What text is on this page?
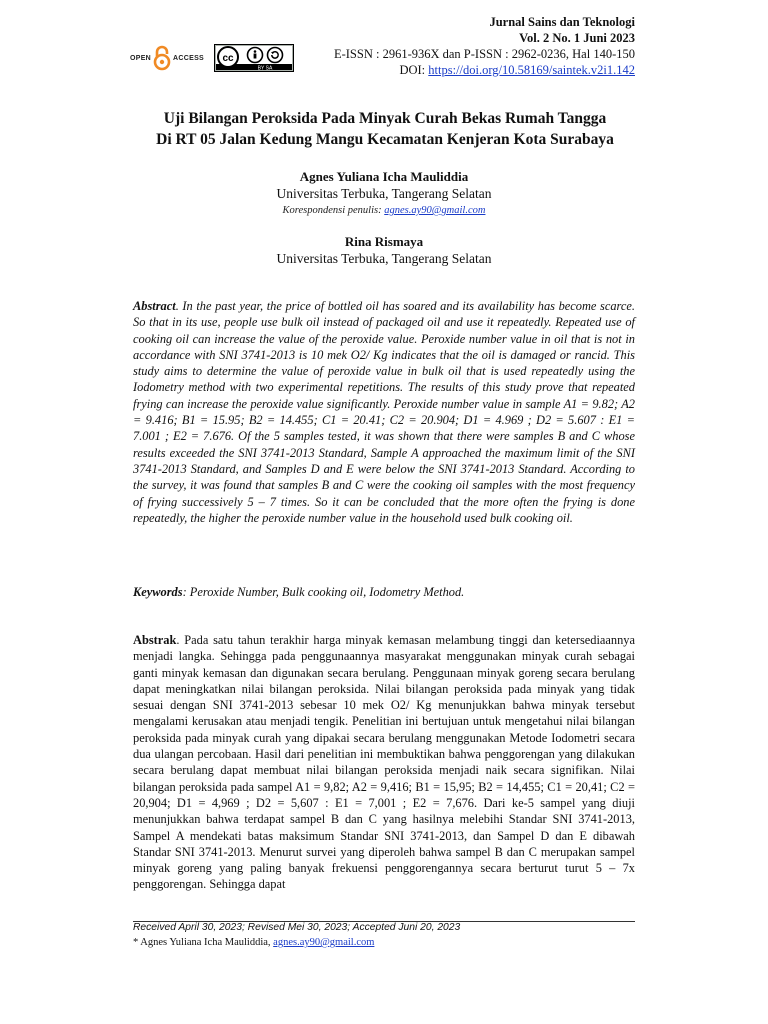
OPEN	ACCESS cc
BY SA
Jurnal Sains dan Teknologi
Vol. 2 No. 1 Juni 2023
E-ISSN : 2961-936X dan P-ISSN : 2962-0236, Hal 140-150
DOI: https://doi.org/10.58169/saintek.v2i1.142
Uji Bilangan Peroksida Pada Minyak Curah Bekas Rumah Tangga
Di RT 05 Jalan Kedung Mangu Kecamatan Kenjeran Kota Surabaya
Agnes Yuliana Icha Mauliddia
Universitas Terbuka, Tangerang Selatan
Korespondensi penulis: agnes.ay90@gmail.com
Rina Rismaya
Universitas Terbuka, Tangerang Selatan
Abstract. In the past year, the price of bottled oil has soared and its availability has become scarce. So that in its use, people use bulk oil instead of packaged oil and use it repeatedly. Repeated use of cooking oil can increase the value of the peroxide value. Peroxide number value in oil that is not in accordance with SNI 3741-2013 is 10 mek O2/ Kg indicates that the oil is damaged or rancid. This study aims to determine the value of peroxide value in bulk oil that is used repeatedly using the Iodometry method with two experimental repetitions. The results of this study prove that repeated frying can increase the peroxide value significantly. Peroxide number value in sample A1 = 9.82; A2 = 9.416; B1 = 15.95; B2 = 14.455; C1 = 20.41; C2 = 20.904; D1 = 4.969 ; D2 = 5.607 : E1 = 7.001 ; E2 = 7.676. Of the 5 samples tested, it was shown that there were samples B and C whose results exceeded the SNI 3741-2013 Standard, Sample A approached the maximum limit of the SNI 3741-2013 Standard, and Samples D and E were below the SNI 3741-2013 Standard. According to the survey, it was found that samples B and C were the cooking oil samples with the most frequency of frying successively 5 – 7 times. So it can be concluded that the more often the frying is done repeatedly, the higher the peroxide number value in the household used bulk cooking oil.
Keywords: Peroxide Number, Bulk cooking oil, Iodometry Method.
Abstrak. Pada satu tahun terakhir harga minyak kemasan melambung tinggi dan ketersediaannya menjadi langka. Sehingga pada penggunaannya masyarakat menggunakan minyak curah sebagai ganti minyak kemasan dan digunakan secara berulang. Penggunaan minyak goreng secara berulang dapat meningkatkan nilai bilangan peroksida. Nilai bilangan peroksida pada minyak yang tidak sesuai dengan SNI 3741-2013 sebesar 10 mek O2/ Kg menunjukkan bahwa minyak tersebut mengalami kerusakan atau menjadi tengik. Penelitian ini bertujuan untuk mengetahui nilai bilangan peroksida pada minyak curah yang dipakai secara berulang menggunakan Metode Iodometri secara dua ulangan percobaan. Hasil dari penelitian ini membuktikan bahwa penggorengan yang dilakukan secara berulang dapat membuat nilai bilangan peroksida menjadi naik secara signifikan. Nilai bilangan peroksida pada sampel A1 = 9,82; A2 = 9,416; B1 = 15,95; B2 = 14,455; C1 = 20,41; C2 = 20,904; D1 = 4,969 ; D2 = 5,607 : E1 = 7,001 ; E2 = 7,676. Dari ke-5 sampel yang diuji menunjukkan bahwa terdapat sampel B dan C yang hasilnya melebihi Standar SNI 3741-2013, Sampel A mendekati batas maksimum Standar SNI 3741-2013, dan Sampel D dan E dibawah Standar SNI 3741-2013. Menurut survei yang diperoleh bahwa sampel B dan C merupakan sampel minyak goreng yang paling banyak frekuensi penggorengannya secara berturut turut 5 – 7x penggorengan. Sehingga dapat
Received April 30, 2023; Revised Mei 30, 2023; Accepted Juni 20, 2023
* Agnes Yuliana Icha Mauliddia, agnes.ay90@gmail.com
